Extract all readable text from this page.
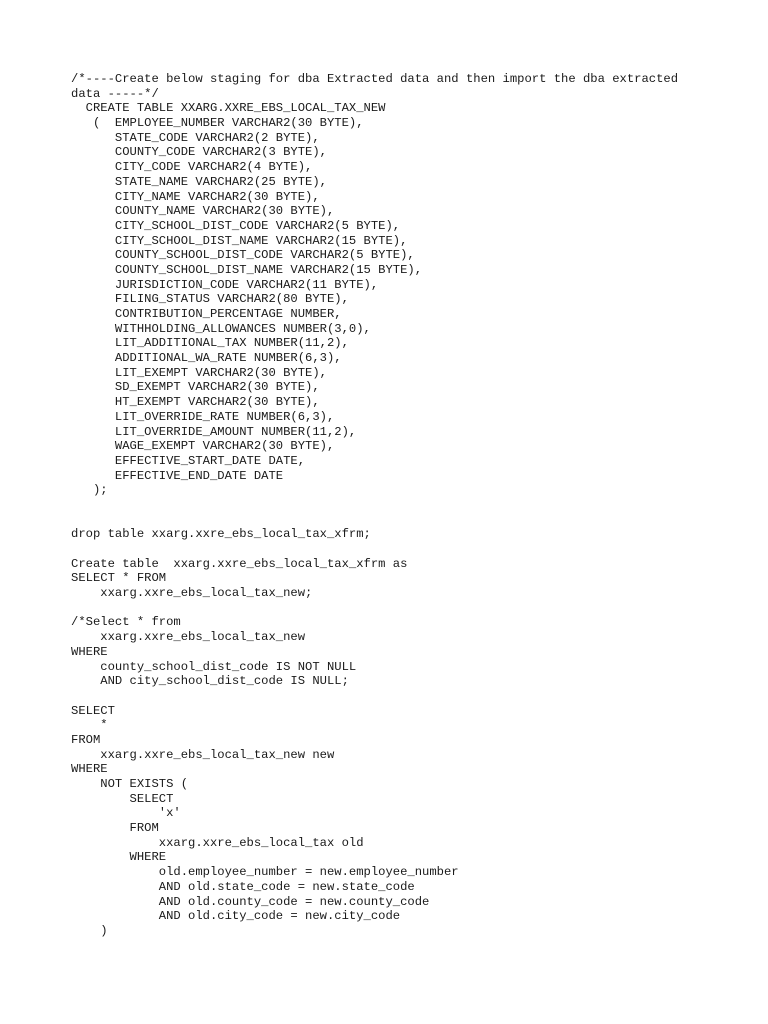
/*----Create below staging for dba Extracted data and then import the dba extracted
data -----*/
CREATE TABLE XXARG.XXRE_EBS_LOCAL_TAX_NEW
(  EMPLOYEE_NUMBER VARCHAR2(30 BYTE),
STATE_CODE VARCHAR2(2 BYTE),
COUNTY_CODE VARCHAR2(3 BYTE),
CITY_CODE VARCHAR2(4 BYTE),
STATE_NAME VARCHAR2(25 BYTE),
CITY_NAME VARCHAR2(30 BYTE),
COUNTY_NAME VARCHAR2(30 BYTE),
CITY_SCHOOL_DIST_CODE VARCHAR2(5 BYTE),
CITY_SCHOOL_DIST_NAME VARCHAR2(15 BYTE),
COUNTY_SCHOOL_DIST_CODE VARCHAR2(5 BYTE),
COUNTY_SCHOOL_DIST_NAME VARCHAR2(15 BYTE),
JURISDICTION_CODE VARCHAR2(11 BYTE),
FILING_STATUS VARCHAR2(80 BYTE),
CONTRIBUTION_PERCENTAGE NUMBER,
WITHHOLDING_ALLOWANCES NUMBER(3,0),
LIT_ADDITIONAL_TAX NUMBER(11,2),
ADDITIONAL_WA_RATE NUMBER(6,3),
LIT_EXEMPT VARCHAR2(30 BYTE),
SD_EXEMPT VARCHAR2(30 BYTE),
HT_EXEMPT VARCHAR2(30 BYTE),
LIT_OVERRIDE_RATE NUMBER(6,3),
LIT_OVERRIDE_AMOUNT NUMBER(11,2),
WAGE_EXEMPT VARCHAR2(30 BYTE),
EFFECTIVE_START_DATE DATE,
EFFECTIVE_END_DATE DATE
);
drop table xxarg.xxre_ebs_local_tax_xfrm;
Create table  xxarg.xxre_ebs_local_tax_xfrm as
SELECT * FROM
xxarg.xxre_ebs_local_tax_new;
/*Select * from
xxarg.xxre_ebs_local_tax_new
WHERE
county_school_dist_code IS NOT NULL
AND city_school_dist_code IS NULL;
SELECT
*
FROM
xxarg.xxre_ebs_local_tax_new new
WHERE
NOT EXISTS (
SELECT
'x'
FROM
xxarg.xxre_ebs_local_tax old
WHERE
old.employee_number = new.employee_number
AND old.state_code = new.state_code
AND old.county_code = new.county_code
AND old.city_code = new.city_code
)
